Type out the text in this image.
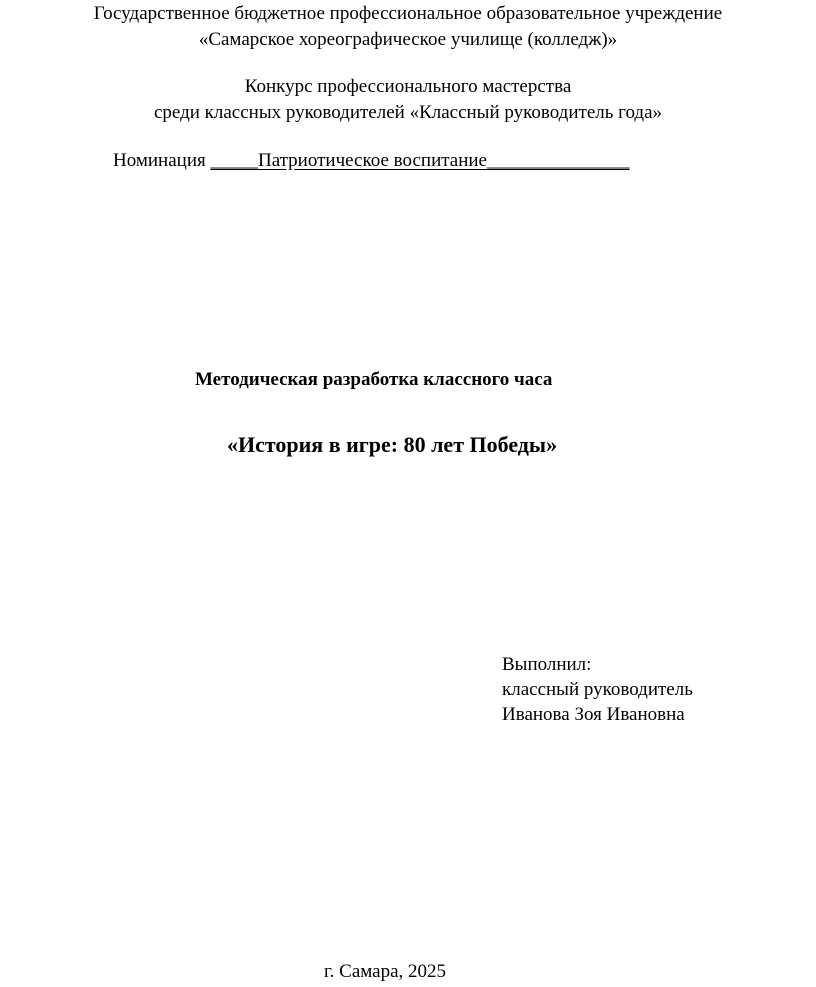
Государственное бюджетное профессиональное образовательное учреждение
«Самарское хореографическое училище (колледж)»
Конкурс профессионального мастерства
среди классных руководителей «Классный руководитель года»
Номинация _____Патриотическое воспитание_______________
Методическая разработка классного часа
«История в игре: 80 лет Победы»
Выполнил:
классный руководитель
Иванова Зоя Ивановна
г. Самара, 2025
